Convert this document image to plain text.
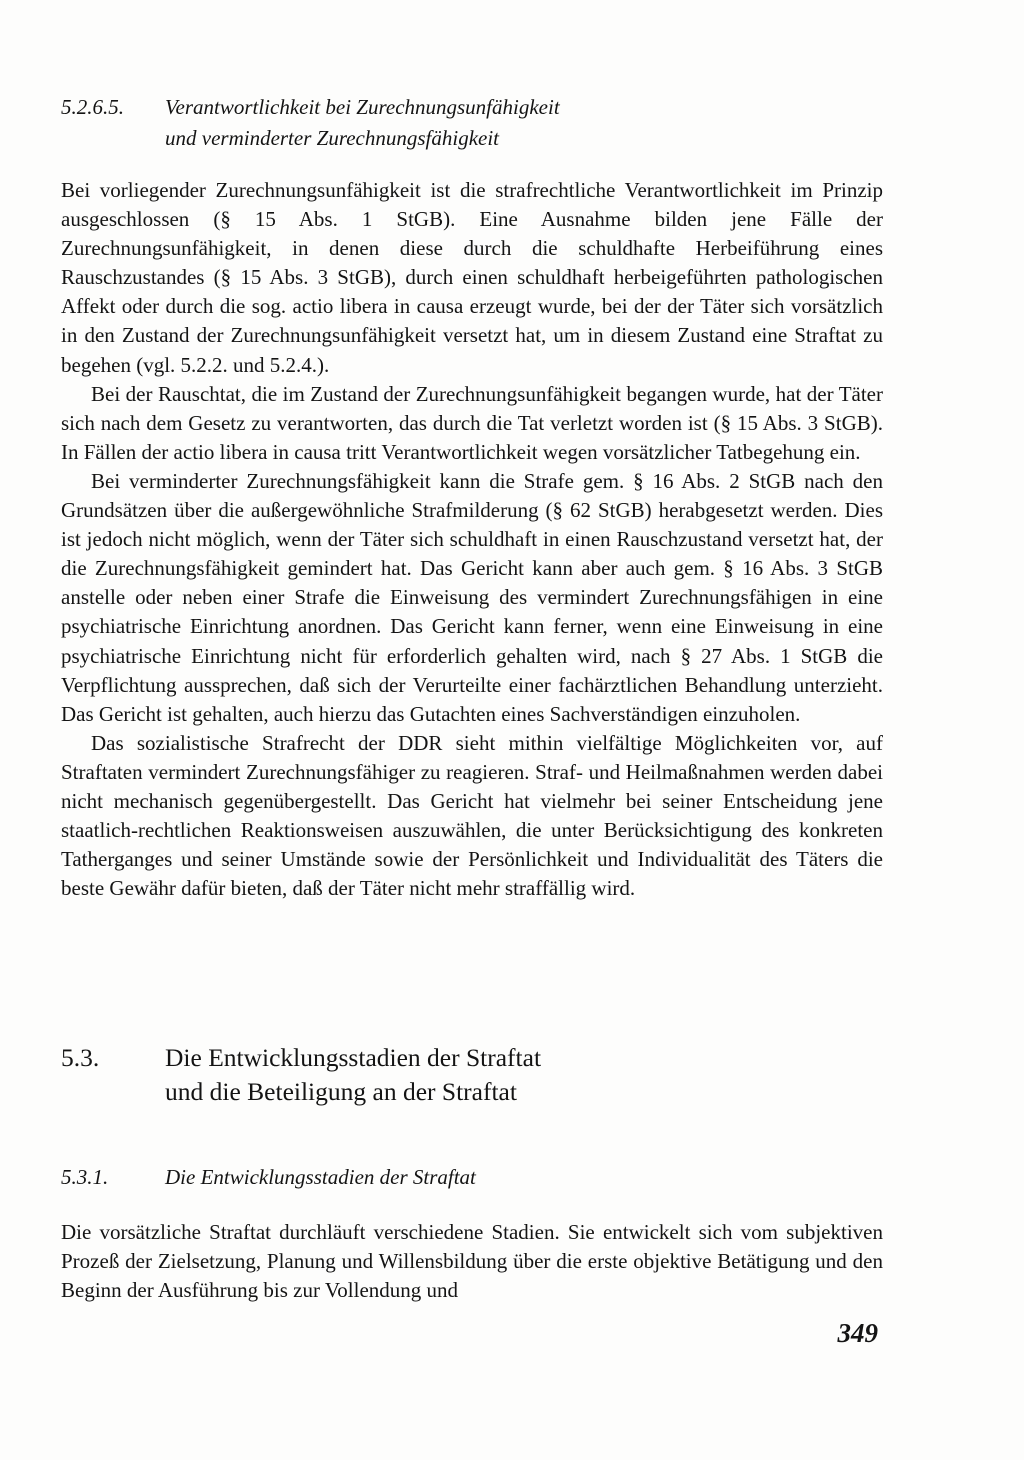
5.2.6.5. Verantwortlichkeit bei Zurechnungsunfähigkeit
und verminderter Zurechnungsfähigkeit

Bei vorliegender Zurechnungsunfähigkeit ist die strafrechtliche Verantwortlichkeit im Prinzip ausgeschlossen (§ 15 Abs. 1 StGB). Eine Ausnahme bilden jene Fälle der Zurechnungsunfähigkeit, in denen diese durch die schuldhafte Herbeiführung eines Rauschzustandes (§ 15 Abs. 3 StGB), durch einen schuldhaft herbeigeführten pathologischen Affekt oder durch die sog. actio libera in causa erzeugt wurde, bei der der Täter sich vorsätzlich in den Zustand der Zurechnungsunfähigkeit versetzt hat, um in diesem Zustand eine Straftat zu begehen (vgl. 5.2.2. und 5.2.4.).

Bei der Rauschtat, die im Zustand der Zurechnungsunfähigkeit begangen wurde, hat der Täter sich nach dem Gesetz zu verantworten, das durch die Tat verletzt worden ist (§ 15 Abs. 3 StGB). In Fällen der actio libera in causa tritt Verantwortlichkeit wegen vorsätzlicher Tatbegehung ein.

Bei verminderter Zurechnungsfähigkeit kann die Strafe gem. § 16 Abs. 2 StGB nach den Grundsätzen über die außergewöhnliche Strafmilderung (§ 62 StGB) herabgesetzt werden. Dies ist jedoch nicht möglich, wenn der Täter sich schuldhaft in einen Rauschzustand versetzt hat, der die Zurechnungsfähigkeit gemindert hat. Das Gericht kann aber auch gem. § 16 Abs. 3 StGB anstelle oder neben einer Strafe die Einweisung des vermindert Zurechnungsfähigen in eine psychiatrische Einrichtung anordnen. Das Gericht kann ferner, wenn eine Einweisung in eine psychiatrische Einrichtung nicht für erforderlich gehalten wird, nach § 27 Abs. 1 StGB die Verpflichtung aussprechen, daß sich der Verurteilte einer fachärztlichen Behandlung unterzieht. Das Gericht ist gehalten, auch hierzu das Gutachten eines Sachverständigen einzuholen.

Das sozialistische Strafrecht der DDR sieht mithin vielfältige Möglichkeiten vor, auf Straftaten vermindert Zurechnungsfähiger zu reagieren. Straf- und Heilmaßnahmen werden dabei nicht mechanisch gegenübergestellt. Das Gericht hat vielmehr bei seiner Entscheidung jene staatlich-rechtlichen Reaktionsweisen auszuwählen, die unter Berücksichtigung des konkreten Tatherganges und seiner Umstände sowie der Persönlichkeit und Individualität des Täters die beste Gewähr dafür bieten, daß der Täter nicht mehr straffällig wird.

5.3.	Die Entwicklungsstadien der Straftat
und die Beteiligung an der Straftat
5.3.1.	Die Entwicklungsstadien der Straftat

Die vorsätzliche Straftat durchläuft verschiedene Stadien. Sie entwickelt sich vom subjektiven Prozeß der Zielsetzung, Planung und Willensbildung über die erste objektive Betätigung und den Beginn der Ausführung bis zur Vollendung und

349
